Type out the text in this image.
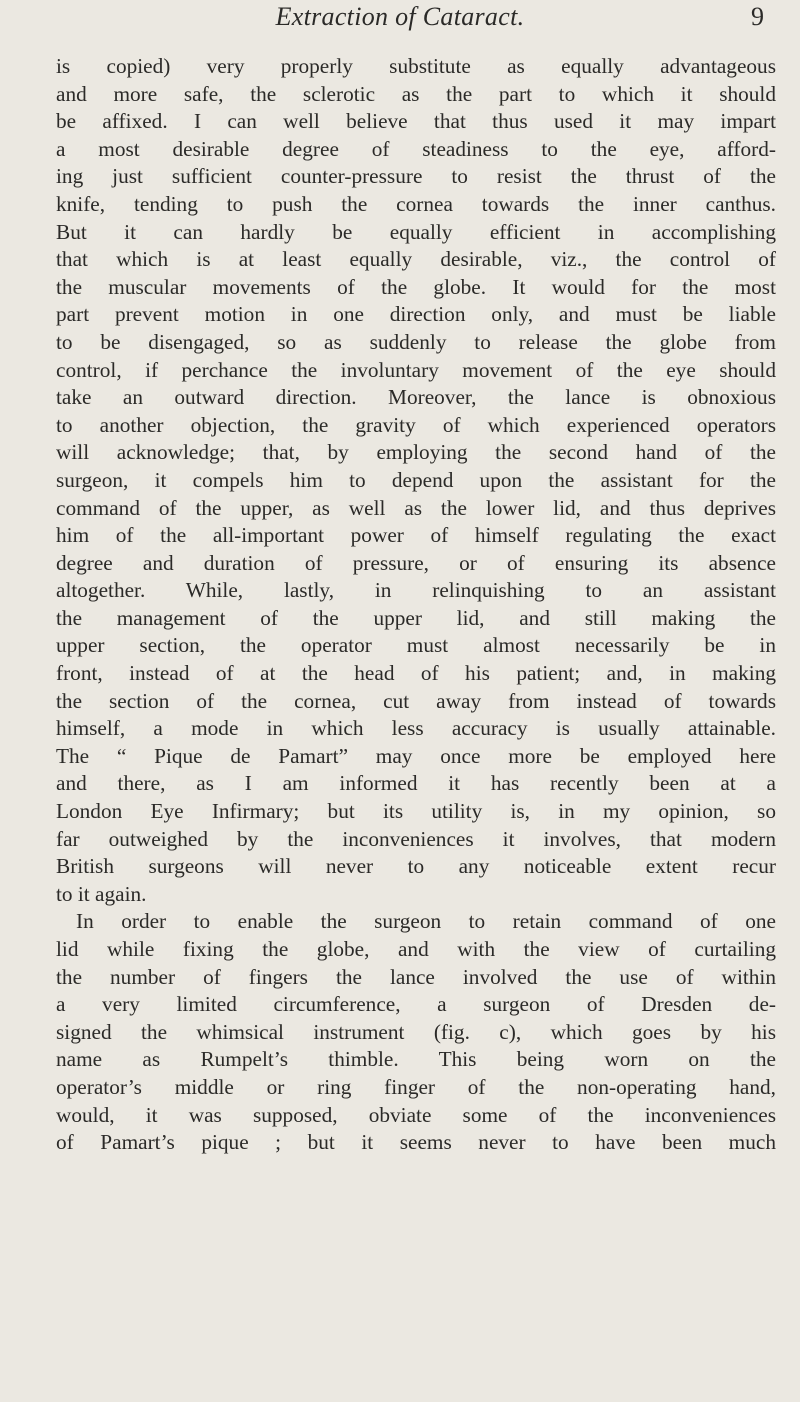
Extraction of Cataract.	9
is copied) very properly substitute as equally advantageous
and more safe, the sclerotic as the part to which it should
be affixed. I can well believe that thus used it may impart
a most desirable degree of steadiness to the eye, afford-
ing just sufficient counter-pressure to resist the thrust of the
knife, tending to push the cornea towards the inner canthus.
But it can hardly be equally efficient in accomplishing
that which is at least equally desirable, viz., the control of
the muscular movements of the globe. It would for the most
part prevent motion in one direction only, and must be liable
to be disengaged, so as suddenly to release the globe from
control, if perchance the involuntary movement of the eye should
take an outward direction. Moreover, the lance is obnoxious
to another objection, the gravity of which experienced operators
will acknowledge; that, by employing the second hand of the
surgeon, it compels him to depend upon the assistant for the
command of the upper, as well as the lower lid, and thus deprives
him of the all-important power of himself regulating the exact
degree and duration of pressure, or of ensuring its absence
altogether. While, lastly, in relinquishing to an assistant
the management of the upper lid, and still making the
upper section, the operator must almost necessarily be in
front, instead of at the head of his patient; and, in making
the section of the cornea, cut away from instead of towards
himself, a mode in which less accuracy is usually attainable.
The “ Pique de Pamart” may once more be employed here
and there, as I am informed it has recently been at a
London Eye Infirmary; but its utility is, in my opinion, so
far outweighed by the inconveniences it involves, that modern
British surgeons will never to any noticeable extent recur
to it again.
In order to enable the surgeon to retain command of one
lid while fixing the globe, and with the view of curtailing
the number of fingers the lance involved the use of within
a very limited circumference, a surgeon of Dresden de-
signed the whimsical instrument (fig. c), which goes by his
name as Rumpelt’s thimble. This being worn on the
operator’s middle or ring finger of the non-operating hand,
would, it was supposed, obviate some of the inconveniences
of Pamart’s pique ; but it seems never to have been much
